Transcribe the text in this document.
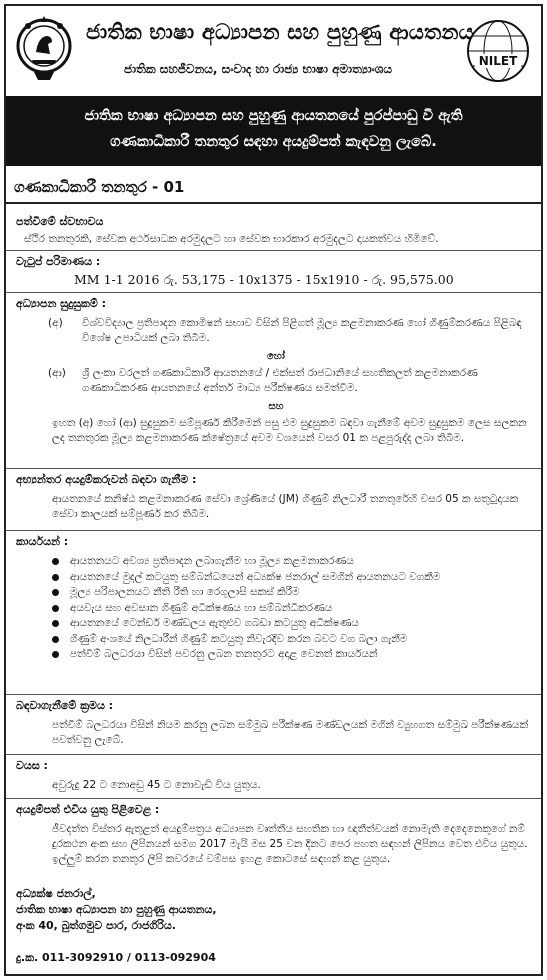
ජාතික භාෂා අධ්‍යාපන සහ පුහුණු ආයතනය
ජාතික සහජීවනය, සංවාද හා රාජ්‍ය භාෂා අමාත්‍යාංශය
NILET
ජාතික භාෂා අධ්‍යාපන සහ පුහුණු ආයතනයේ පුරප්පාඩු වී ඇති
ගණකාධිකාරී තනතුර සඳහා අයදුම්පත් කැඳවනු ලැබේ.
ගණකාධිකාරී තනතුර - 01
පත්වීමේ ස්වභාවය
ස්ථිර තනතුරකි, සේවක අර්ථසාධක අරමුදලට හා සේවක භාරකාර අරමුදලට දායකත්වය හිමිවේ.
වැටුප් පරිමාණය :
MM 1-1 2016 රු. 53,175 - 10x1375 - 15x1910 - රු. 95,575.00
අධ්‍යාපන සුදුසුකම් :
(අ) විශ්වවිද්‍යාල ප්‍රතිපාදන කොමිෂන් සභාව විසින් පිළිගත් මූල්‍ය කළමනාකරණ හෝ ගිණුම්කරණය පිළිබඳ විශේෂ උපාධියක් ලබා තිබීම.
හෝ
(ආ) ශ්‍රී ලංකා වරලත් ගණකාධිකාරී ආයතනයේ / එක්සත් රාජධානියේ සහතිකලත් කළමනාකරණ ගණකාධිකරණ ආයතනයේ අන්තර් මාධ්‍ය පරීක්ෂණය සමත්වීම.
සහ
ඉහත (අ) හෝ (ආ) සුදුසුකම සම්පූර්ණ කිරීමෙන් පසු එම සුදුසුකම බඳවා ගැනීමේ අවම සුදුසුකම ලෙස සලකන ලද තනතුරක මූල්‍ය කළමනාකරණ ක්ෂේත්‍රයේ අවම වශයෙන් වසර 01 ක පළපුරුද්ද ලබා තිබීම.
අභ්‍යන්තර අයදුම්කරුවන් බඳවා ගැනීම :
ආයතනයේ කනිෂ්ඨ කළමනාකරණ සේවා ශ්‍රේණියේ (JM) ගිණුම් නිලධාරී තනතුරේහි වසර 05 ක සතුටුදායක සේවා කාලයක් සම්පූර්ණ කර තිබීම.
කාර්යයන් :
ආයතනයට අවශ්‍ය ප්‍රතිපාදන ලබාගැනීම හා මූල්‍ය කළමනාකරණය
ආයතනයේ මුදල් කටයුතු සම්බන්ධයෙන් අධ්‍යක්ෂ ජනරාල් සමගින් ආයතනයට වගකීම
මූල්‍ය පරිපාලනයට නීති රීති හා රෙගුලාසි සකස් කිරීම
අයවැය සහ අවසාන ගිණුම් අධීක්ෂණය හා සම්බන්ධීකරණය
ආයතනයේ ටෙන්ඩර් මණ්ඩලය ඇතුළුව ගබඩා කටයුතු අධීක්ෂණය
ගිණුම් අංශයේ නිලධාරීන් ගිණුම් කටයුතු නිවැරදිව කරන බවට වග බලා ගැනීම
පත්වීම් බලධරයා විසින් පවරනු ලබන තනතුරට අදාළ වෙනත් කාර්යයන්
බඳවාගැනීමේ ක්‍රමය :
පත්වීම් බලධරයා විසින් නියම කරනු ලබන සම්මුඛ පරීක්ෂණ මණ්ඩලයක් මගින් ව්‍යුහගත සම්මුඛ පරීක්ෂණයක් පවත්වනු ලැබේ.
වයස :
අවුරුදු 22 ට නොඅඩු 45 ට නොවැඩි විය යුතුය.
අයදුම්පත් එවිය යුතු පිළිවෙළ :
ජීවදත්ත විස්තර ඇතුළත් අයදුම්පත්‍රය අධ්‍යාපන වෘත්තීය සහතික හා ඥාතීත්වයක් නොමැති දෙදෙනෙකුගේ නම් දුරකථන අංක සහ ලිපිනයන් සමග 2017 මැයි මස 25 වන දිනට පෙර පහත සඳහන් ලිපිනය වෙත එවිය යුතුය. ඉල්ලුම් කරන තනතුර ලිපි කවරයේ වම්පස ඉහළ කොටසේ සඳහන් කළ යුතුය.
අධ්‍යක්ෂ ජනරාල්,
ජාතික භාෂා අධ්‍යාපන හා පුහුණු ආයතනය,
අංක 40, බුත්ගමුව පාර, රාජගිරිය.
දු.ක. 011-3092910 / 0113-092904
